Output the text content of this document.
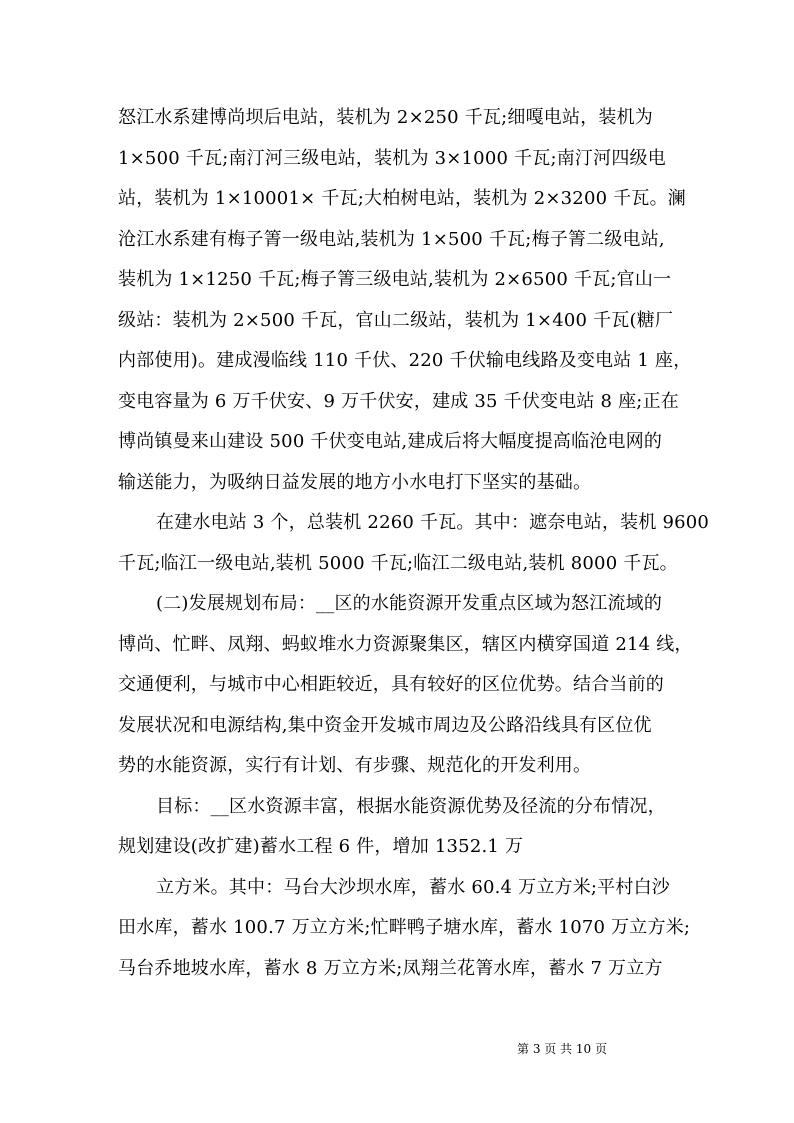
怒江水系建博尚坝后电站，装机为 2×250 千瓦;细嘎电站，装机为
1×500 千瓦;南汀河三级电站，装机为 3×1000 千瓦;南汀河四级电
站，装机为 1×10001× 千瓦;大柏树电站，装机为 2×3200 千瓦。澜
沧江水系建有梅子箐一级电站,装机为 1×500 千瓦;梅子箐二级电站,
装机为 1×1250 千瓦;梅子箐三级电站,装机为 2×6500 千瓦;官山一
级站：装机为 2×500 千瓦，官山二级站，装机为 1×400 千瓦(糖厂
内部使用)。建成漫临线 110 千伏、220 千伏输电线路及变电站 1 座，
变电容量为 6 万千伏安、9 万千伏安，建成 35 千伏变电站 8 座;正在
博尚镇曼来山建设 500 千伏变电站,建成后将大幅度提高临沧电网的
输送能力，为吸纳日益发展的地方小水电打下坚实的基础。
在建水电站 3 个，总装机 2260 千瓦。其中：遮奈电站，装机 9600
千瓦;临江一级电站,装机 5000 千瓦;临江二级电站,装机 8000 千瓦。
(二)发展规划布局：__区的水能资源开发重点区域为怒江流域的
博尚、忙畔、凤翔、蚂蚁堆水力资源聚集区，辖区内横穿国道 214 线，
交通便利，与城市中心相距较近，具有较好的区位优势。结合当前的
发展状况和电源结构,集中资金开发城市周边及公路沿线具有区位优
势的水能资源，实行有计划、有步骤、规范化的开发利用。
目标：__区水资源丰富，根据水能资源优势及径流的分布情况，
规划建设(改扩建)蓄水工程 6 件，增加 1352.1 万
立方米。其中：马台大沙坝水库，蓄水 60.4 万立方米;平村白沙
田水库，蓄水 100.7 万立方米;忙畔鸭子塘水库，蓄水 1070 万立方米;
马台乔地坡水库，蓄水 8 万立方米;凤翔兰花箐水库，蓄水 7 万立方
第 3 页 共 10 页
